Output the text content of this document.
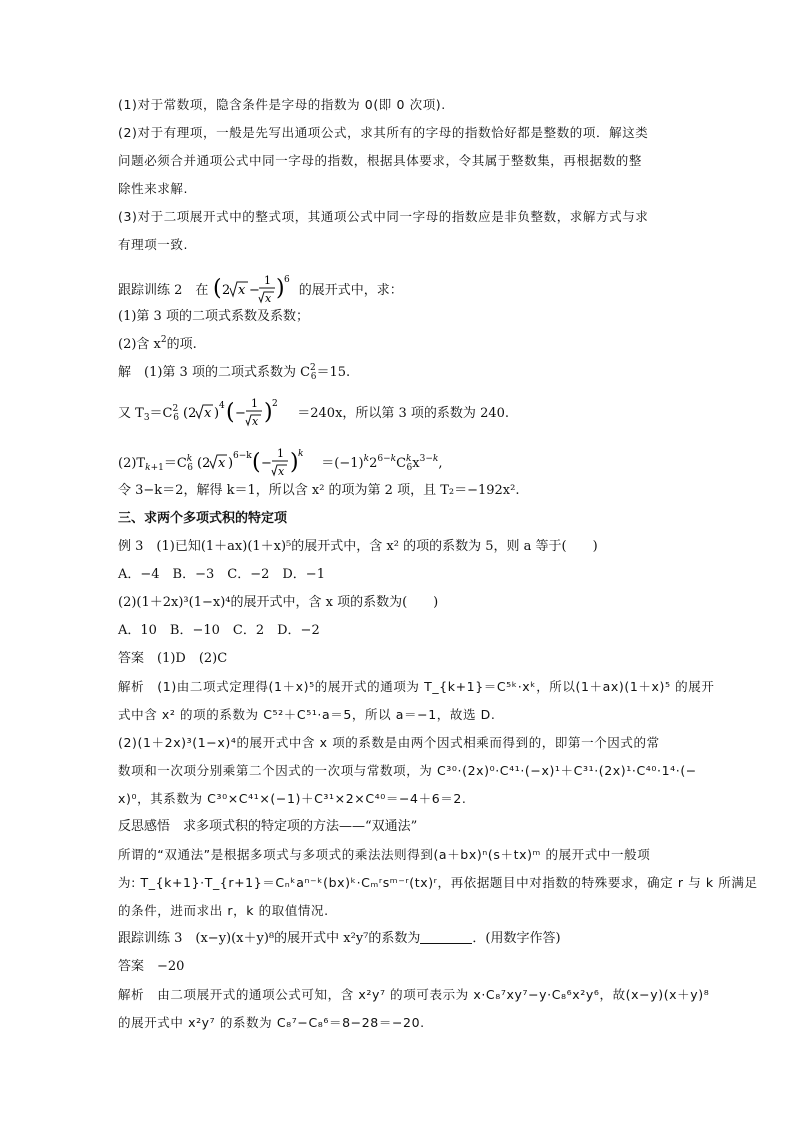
(1)对于常数项，隐含条件是字母的指数为 0(即 0 次项).
(2)对于有理项，一般是先写出通项公式，求其所有的字母的指数恰好都是整数的项．解这类
问题必须合并通项公式中同一字母的指数，根据具体要求，令其属于整数集，再根据数的整
除性来求解.
(3)对于二项展开式中的整式项，其通项公式中同一字母的指数应是非负整数，求解方式与求
有理项一致.
跟踪训练 2　在 ( 2 x −
1
x ) 6
的展开式中，求：
(1)第 3 项的二项式系数及系数；
(2)含 $x^2$的项.
解　(1)第 3 项的二项式系数为 $C^2_6=15$.
又 $T_3=C^2_6$ (2 x ) 4 ( −
1
x ) 2
＝240x，所以第 3 项的系数为 240.
$(2)T_{k+1}=C^k_6$ (2 x ) 6−k ( −
1
x ) k
$=(-1)^k2^{6-k}C^k_6x^{3-k}$,
令 3−k＝2，解得 k＝1，所以含 x² 的项为第 2 项，且 T₂＝−192x².
三、求两个多项式积的特定项
例 3　(1)已知(1＋ax)(1＋x)⁵的展开式中，含 x² 的项的系数为 5，则 a 等于(　　)
A．−4　B．−3　C．−2　D．−1
(2)(1＋2x)³(1−x)⁴的展开式中，含 x 项的系数为(　　)
A．10　B．−10　C．2　D．−2
答案　(1)D　(2)C
解析　(1)由二项式定理得(1＋x)⁵的展开式的通项为 T_{k+1}＝C⁵ᵏ·xᵏ，所以(1＋ax)(1＋x)⁵ 的展开
式中含 x² 的项的系数为 C⁵²＋C⁵¹·a＝5，所以 a＝−1，故选 D.
(2)(1＋2x)³(1−x)⁴的展开式中含 x 项的系数是由两个因式相乘而得到的，即第一个因式的常
数项和一次项分别乘第二个因式的一次项与常数项，为 C³⁰·(2x)⁰·C⁴¹·(−x)¹＋C³¹·(2x)¹·C⁴⁰·1⁴·(−
x)⁰，其系数为 C³⁰×C⁴¹×(−1)＋C³¹×2×C⁴⁰＝−4＋6＝2.
反思感悟　求多项式积的特定项的方法——“双通法”
所谓的“双通法”是根据多项式与多项式的乘法法则得到(a＋bx)ⁿ(s＋tx)ᵐ 的展开式中一般项
为: T_{k+1}·T_{r+1}＝Cₙᵏaⁿ⁻ᵏ(bx)ᵏ·Cₘʳsᵐ⁻ʳ(tx)ʳ，再依据题目中对指数的特殊要求，确定 r 与 k 所满足
的条件，进而求出 r，k 的取值情况.
跟踪训练 3　(x−y)(x＋y)⁸的展开式中 x²y⁷的系数为	．(用数字作答)
答案　−20
解析　由二项展开式的通项公式可知，含 x²y⁷ 的项可表示为 x·C₈⁷xy⁷−y·C₈⁶x²y⁶，故(x−y)(x＋y)⁸
的展开式中 x²y⁷ 的系数为 C₈⁷−C₈⁶＝8−28＝−20.
